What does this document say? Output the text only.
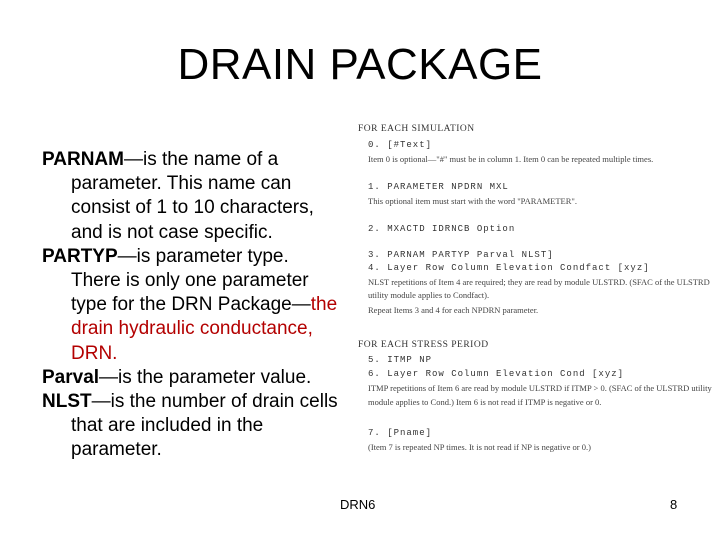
DRAIN PACKAGE

PARNAM—is the name of a parameter. This name can consist of 1 to 10 characters, and is not case specific.

PARTYP—is parameter type. There is only one parameter type for the DRN Package—the drain hydraulic conductance, DRN.

Parval—is the parameter value.

NLST—is the number of drain cells that are included in the parameter.

FOR EACH SIMULATION
0. [#Text]
Item 0 is optional—"#" must be in column 1. Item 0 can be repeated multiple times.
1. PARAMETER NPDRN MXL
This optional item must start with the word "PARAMETER".
2. MXACTD IDRNCB Option
3. PARNAM PARTYP Parval NLST]
4. Layer Row Column Elevation Condfact [xyz]
NLST repetitions of Item 4 are required; they are read by module ULSTRD. (SFAC of the ULSTRD
utility module applies to Condfact).
Repeat Items 3 and 4 for each NPDRN parameter.
FOR EACH STRESS PERIOD
5. ITMP NP
6. Layer Row Column Elevation Cond [xyz]
ITMP repetitions of Item 6 are read by module ULSTRD if ITMP > 0. (SFAC of the ULSTRD utility
module applies to Cond.) Item 6 is not read if ITMP is negative or 0.
7. [Pname]
(Item 7 is repeated NP times. It is not read if NP is negative or 0.)
DRN6	8
